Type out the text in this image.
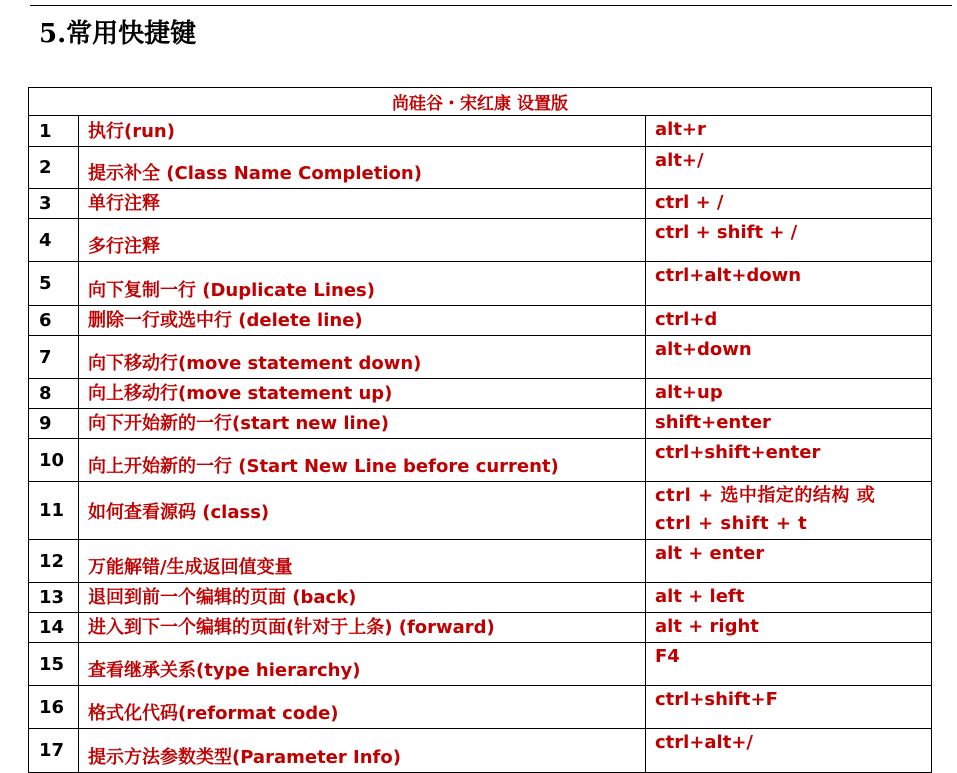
5.常用快捷键
尚硅谷・宋红康 设置版		
1	执行(run)	alt+r
2	提示补全 (Class Name Completion)	alt+/
3	单行注释	ctrl + /
4	多行注释	ctrl + shift + /
5	向下复制一行 (Duplicate Lines)	ctrl+alt+down
6	删除一行或选中行 (delete line)	ctrl+d
7	向下移动行(move statement down)	alt+down
8	向上移动行(move statement up)	alt+up
9	向下开始新的一行(start new line)	shift+enter
10	向上开始新的一行 (Start New Line before current)	ctrl+shift+enter
11	如何查看源码 (class)	ctrl + 选中指定的结构 或
ctrl + shift + t

12	万能解错/生成返回值变量	alt + enter
13	退回到前一个编辑的页面 (back)	alt + left
14	进入到下一个编辑的页面(针对于上条) (forward)	alt + right
15	查看继承关系(type hierarchy)	F4
16	格式化代码(reformat code)	ctrl+shift+F
17	提示方法参数类型(Parameter Info)	ctrl+alt+/
